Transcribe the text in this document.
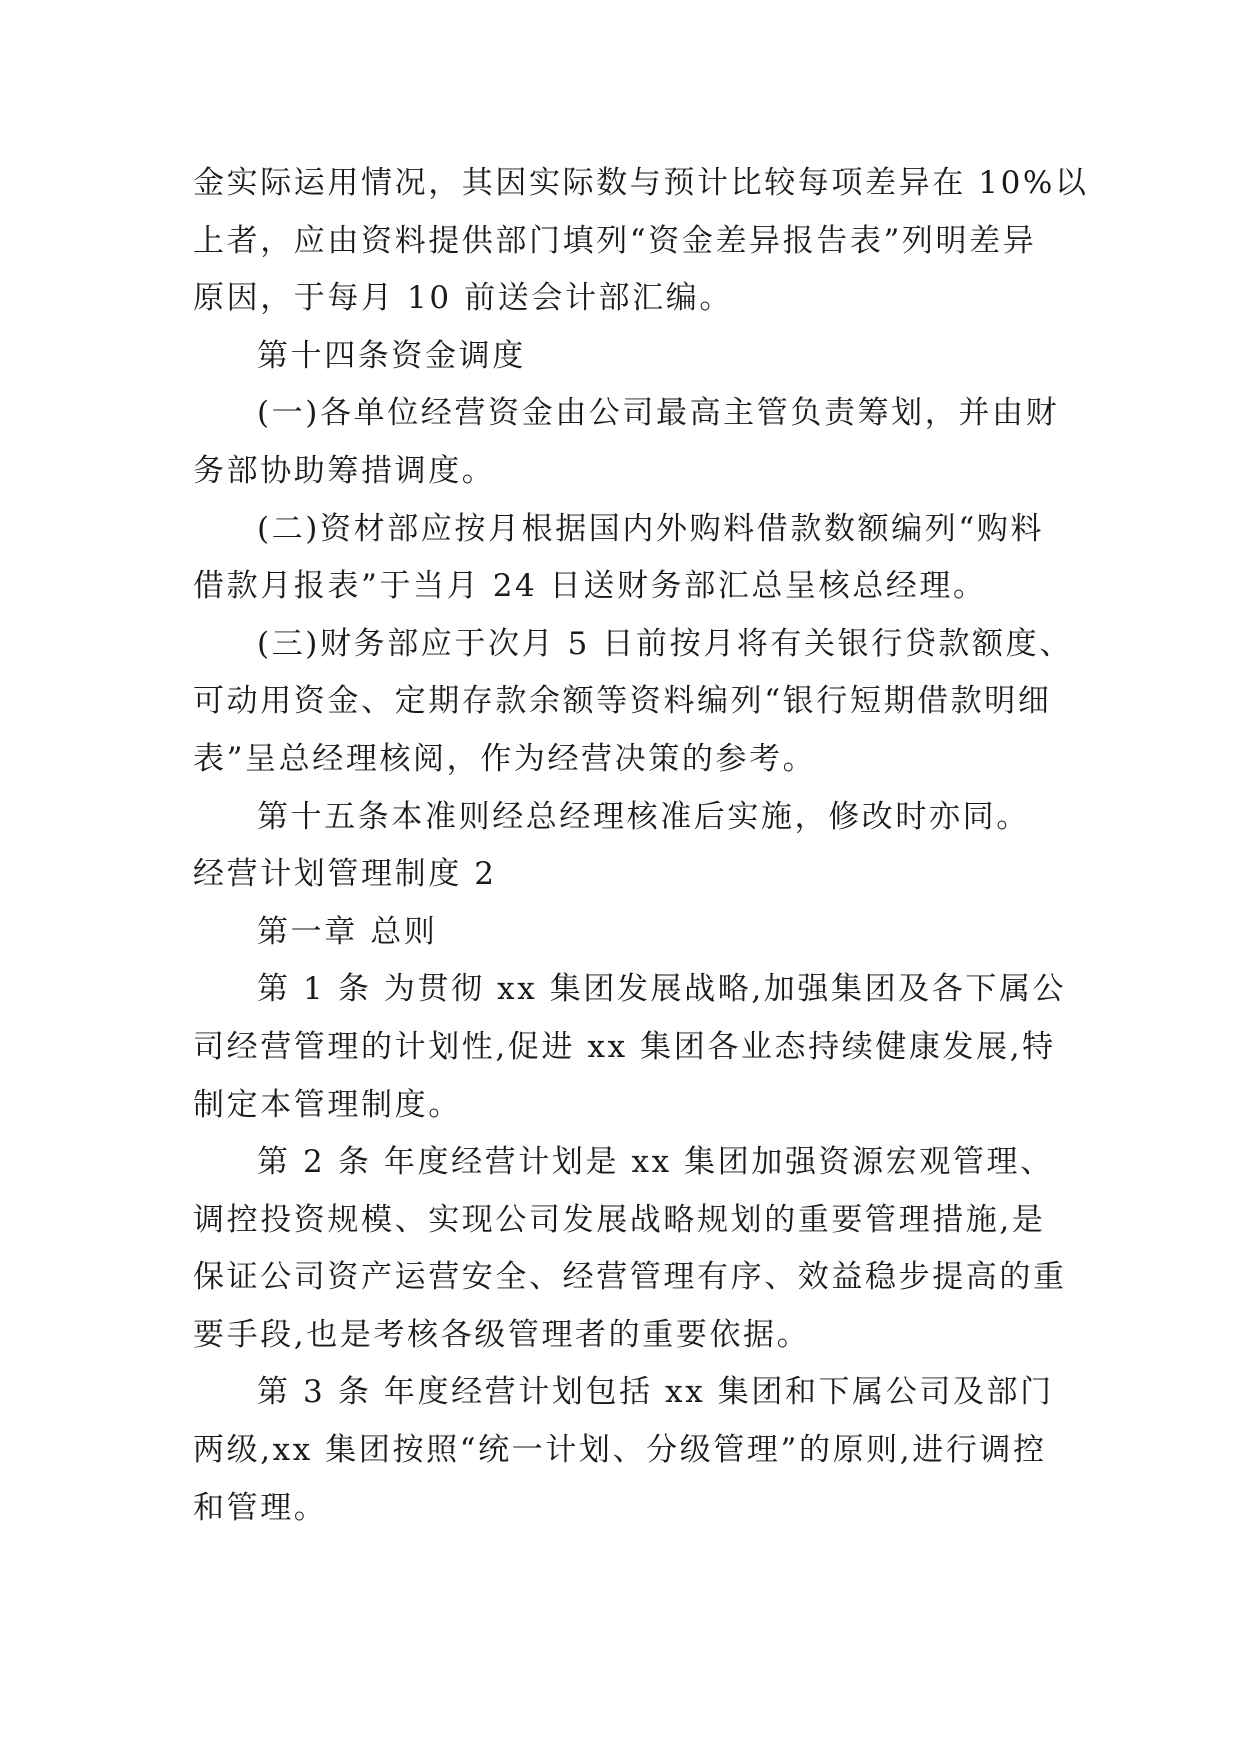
金实际运用情况，其因实际数与预计比较每项差异在 10%以
上者，应由资料提供部门填列“资金差异报告表”列明差异
原因，于每月 10 前送会计部汇编。
第十四条资金调度
(一)各单位经营资金由公司最高主管负责筹划，并由财
务部协助筹措调度。
(二)资材部应按月根据国内外购料借款数额编列“购料
借款月报表”于当月 24 日送财务部汇总呈核总经理。
(三)财务部应于次月 5 日前按月将有关银行贷款额度、
可动用资金、定期存款余额等资料编列“银行短期借款明细
表”呈总经理核阅，作为经营决策的参考。
第十五条本准则经总经理核准后实施，修改时亦同。
经营计划管理制度 2
第一章 总则
第 1 条 为贯彻 xx 集团发展战略,加强集团及各下属公
司经营管理的计划性,促进 xx 集团各业态持续健康发展,特
制定本管理制度。
第 2 条 年度经营计划是 xx 集团加强资源宏观管理、
调控投资规模、实现公司发展战略规划的重要管理措施,是
保证公司资产运营安全、经营管理有序、效益稳步提高的重
要手段,也是考核各级管理者的重要依据。
第 3 条 年度经营计划包括 xx 集团和下属公司及部门
两级,xx 集团按照“统一计划、分级管理”的原则,进行调控
和管理。
